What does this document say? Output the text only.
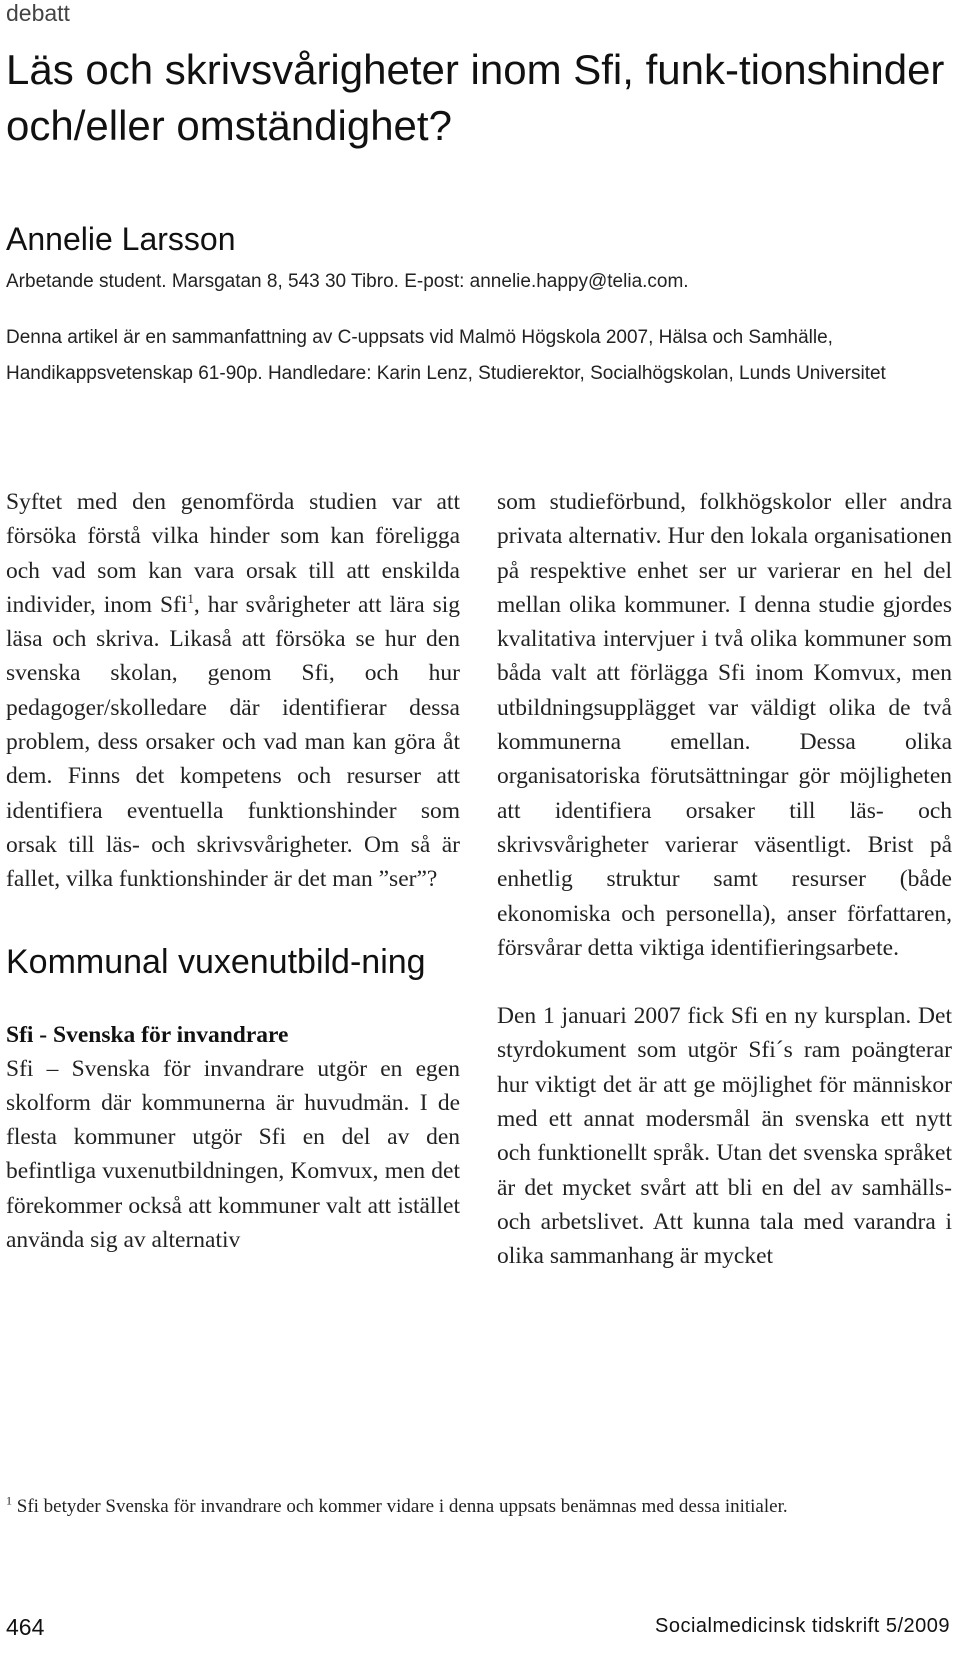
debatt
Läs och skrivsvårigheter inom Sfi, funk-tionshinder och/eller omständighet?
Annelie Larsson
Arbetande student. Marsgatan 8, 543 30 Tibro. E-post: annelie.happy@telia.com.
Denna artikel är en sammanfattning av C-uppsats vid Malmö Högskola 2007, Hälsa och Samhälle, Handikappsvetenskap 61-90p. Handledare: Karin Lenz, Studierektor, Socialhögskolan, Lunds Universitet

Syftet med den genomförda studien var att försöka förstå vilka hinder som kan föreligga och vad som kan vara orsak till att enskilda individer, inom Sfi$^1$, har svårigheter att lära sig läsa och skriva. Likaså att försöka se hur den svenska skolan, genom Sfi, och hur pedagoger/skolledare där identifierar dessa problem, dess orsaker och vad man kan göra åt dem. Finns det kompetens och resurser att identifiera eventuella funktionshinder som orsak till läs- och skrivsvårigheter. Om så är fallet, vilka funktionshinder är det man ”ser”?

Kommunal vuxenutbild-ning
Sfi - Svenska för invandrare

Sfi – Svenska för invandrare utgör en egen skolform där kommunerna är huvudmän. I de flesta kommuner utgör Sfi en del av den befintliga vuxenutbildningen, Komvux, men det förekommer också att kommuner valt att istället använda sig av alternativ

som studieförbund, folkhögskolor eller andra privata alternativ. Hur den lokala organisationen på respektive enhet ser ur varierar en hel del mellan olika kommuner. I denna studie gjordes kvalitativa intervjuer i två olika kommuner som båda valt att förlägga Sfi inom Komvux, men utbildningsupplägget var väldigt olika de två kommunerna emellan. Dessa olika organisatoriska förutsättningar gör möjligheten att identifiera orsaker till läs- och skrivsvårigheter varierar väsentligt. Brist på enhetlig struktur samt resurser (både ekonomiska och personella), anser författaren, försvårar detta viktiga identifieringsarbete.

Den 1 januari 2007 fick Sfi en ny kursplan. Det styrdokument som utgör Sfi´s ram poängterar hur viktigt det är att ge möjlighet för människor med ett annat modersmål än svenska ett nytt och funktionellt språk. Utan det svenska språket är det mycket svårt att bli en del av samhälls- och arbetslivet. Att kunna tala med varandra i olika sammanhang är mycket

$^1$ Sfi betyder Svenska för invandrare och kommer vidare i denna uppsats benämnas med dessa initialer.
464	Socialmedicinsk tidskrift 5/2009
